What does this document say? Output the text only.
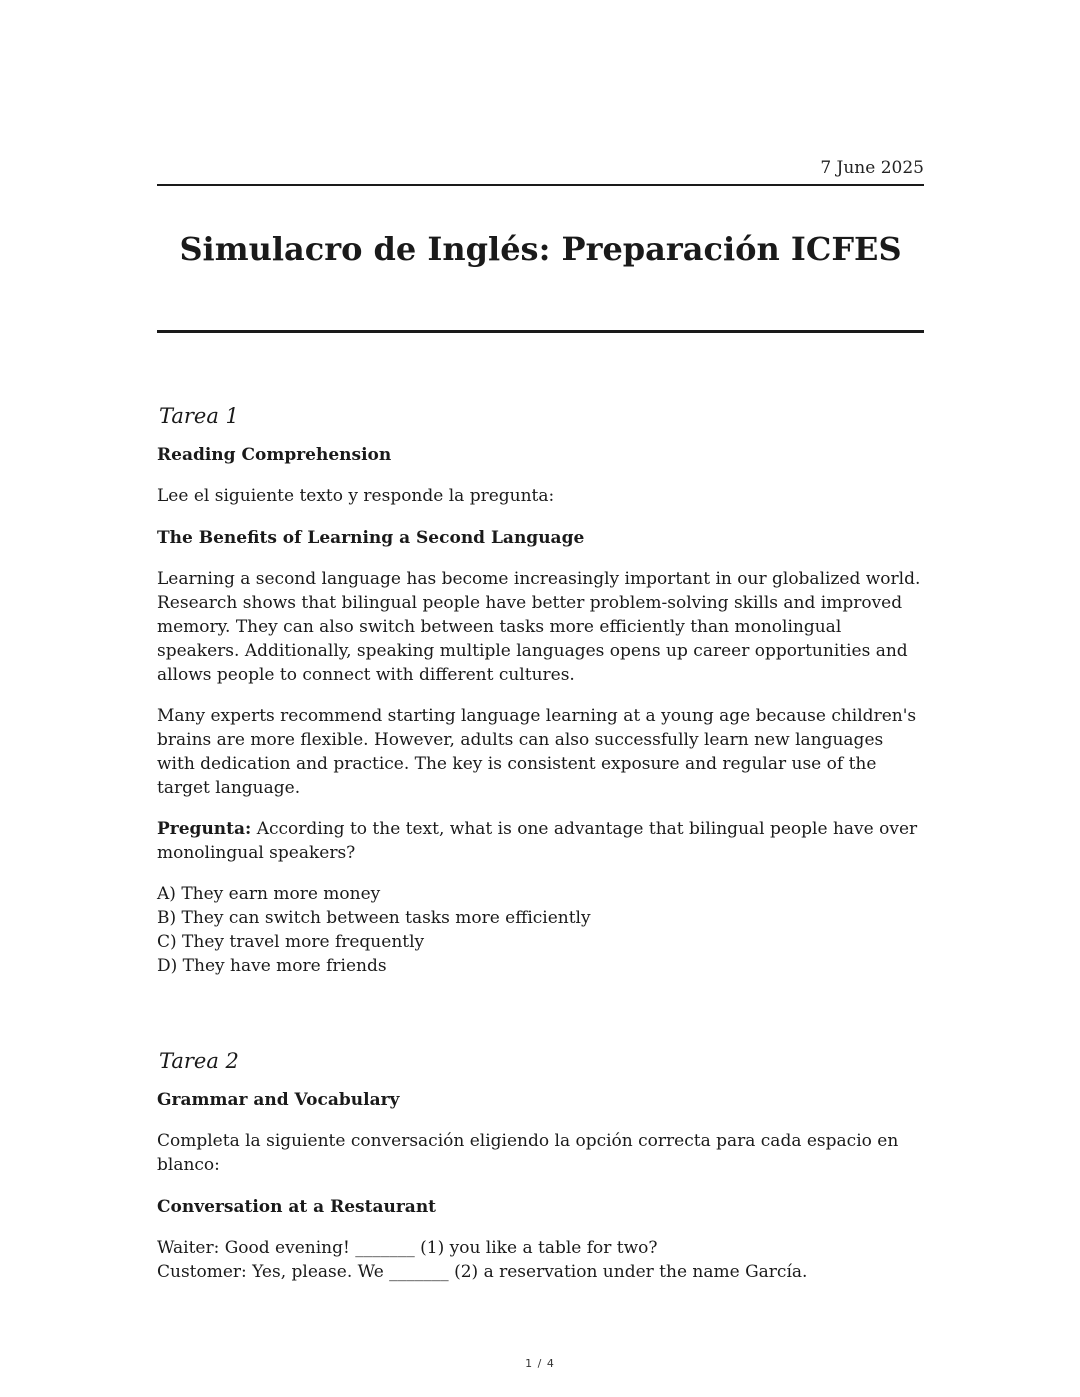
7 June 2025
Simulacro de Inglés: Preparación ICFES
Tarea 1

Reading Comprehension

Lee el siguiente texto y responde la pregunta:

The Benefits of Learning a Second Language

Learning a second language has become increasingly important in our globalized world. Research shows that bilingual people have better problem-solving skills and improved memory. They can also switch between tasks more efficiently than monolingual speakers. Additionally, speaking multiple languages opens up career opportunities and allows people to connect with different cultures.

Many experts recommend starting language learning at a young age because children's brains are more flexible. However, adults can also successfully learn new languages with dedication and practice. The key is consistent exposure and regular use of the target language.

Pregunta: According to the text, what is one advantage that bilingual people have over monolingual speakers?

A) They earn more money
B) They can switch between tasks more efficiently
C) They travel more frequently
D) They have more friends
Tarea 2

Grammar and Vocabulary

Completa la siguiente conversación eligiendo la opción correcta para cada espacio en blanco:

Conversation at a Restaurant

Waiter: Good evening! _______ (1) you like a table for two?
Customer: Yes, please. We _______ (2) a reservation under the name García.
1 / 4
